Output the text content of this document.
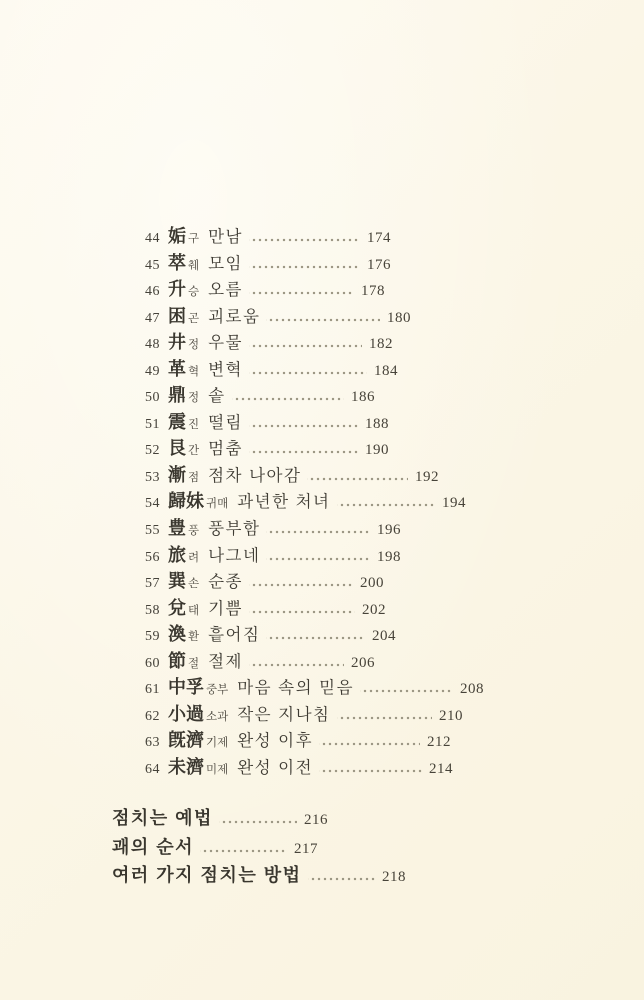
44 姤 구 만남	174
45 萃 췌 모임	176
46 升 승 오름	178
47 困 곤 괴로움	180
48 井 정 우물	182
49 革 혁 변혁	184
50 鼎 정 솥	186
51 震 진 떨림	188
52 艮 간 멈춤	190
53 漸 점 점차 나아감	192
54 歸妹 귀매 과년한 처녀	194
55 豊 풍 풍부함	196
56 旅 려 나그네	198
57 巽 손 순종	200
58 兌 태 기쁨	202
59 渙 환 흩어짐	204
60 節 절 절제	206
61 中孚 중부 마음 속의 믿음	208
62 小過 소과 작은 지나침	210
63 旣濟 기제 완성 이후	212
64 未濟 미제 완성 이전	214
점치는 예법	216
괘의 순서	217
여러 가지 점치는 방법	218
